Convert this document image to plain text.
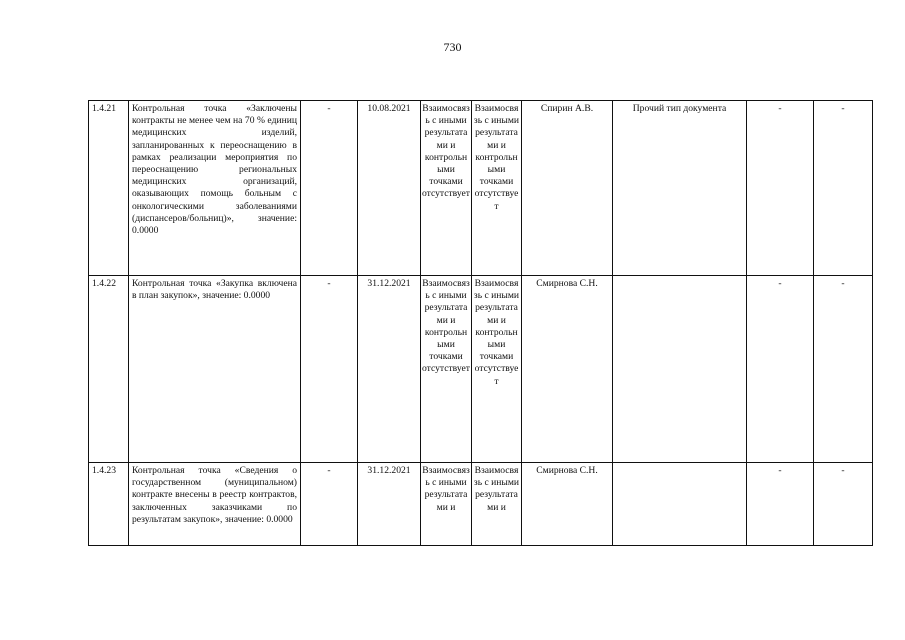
730
1.4.21	Контрольная точка «Заключены контракты не менее чем на 70 % единиц медицинских изделий, запланированных к переоснащению в рамках реализации мероприятия по переоснащению региональных медицинских организаций, оказывающих помощь больным с онкологическими заболеваниями (диспансеров/больниц)», значение: 0.0000	-	10.08.2021	Взаимосвязь с иными результатами и контрольными точками отсутствует	Взаимосвязь с иными результатами и контрольными точками отсутствует	Спирин А.В.	Прочий тип документа	-	-
1.4.22	Контрольная точка «Закупка включена в план закупок», значение: 0.0000	-	31.12.2021	Взаимосвязь с иными результатами и контрольными точками отсутствует	Взаимосвязь с иными результатами и контрольными точками отсутствует	Смирнова С.Н.		-	-
1.4.23	Контрольная точка «Сведения о государственном (муниципальном) контракте внесены в реестр контрактов, заключенных заказчиками по результатам закупок», значение: 0.0000	-	31.12.2021	Взаимосвязь с иными результатами и	Взаимосвязь с иными результатами и	Смирнова С.Н.		-	-
